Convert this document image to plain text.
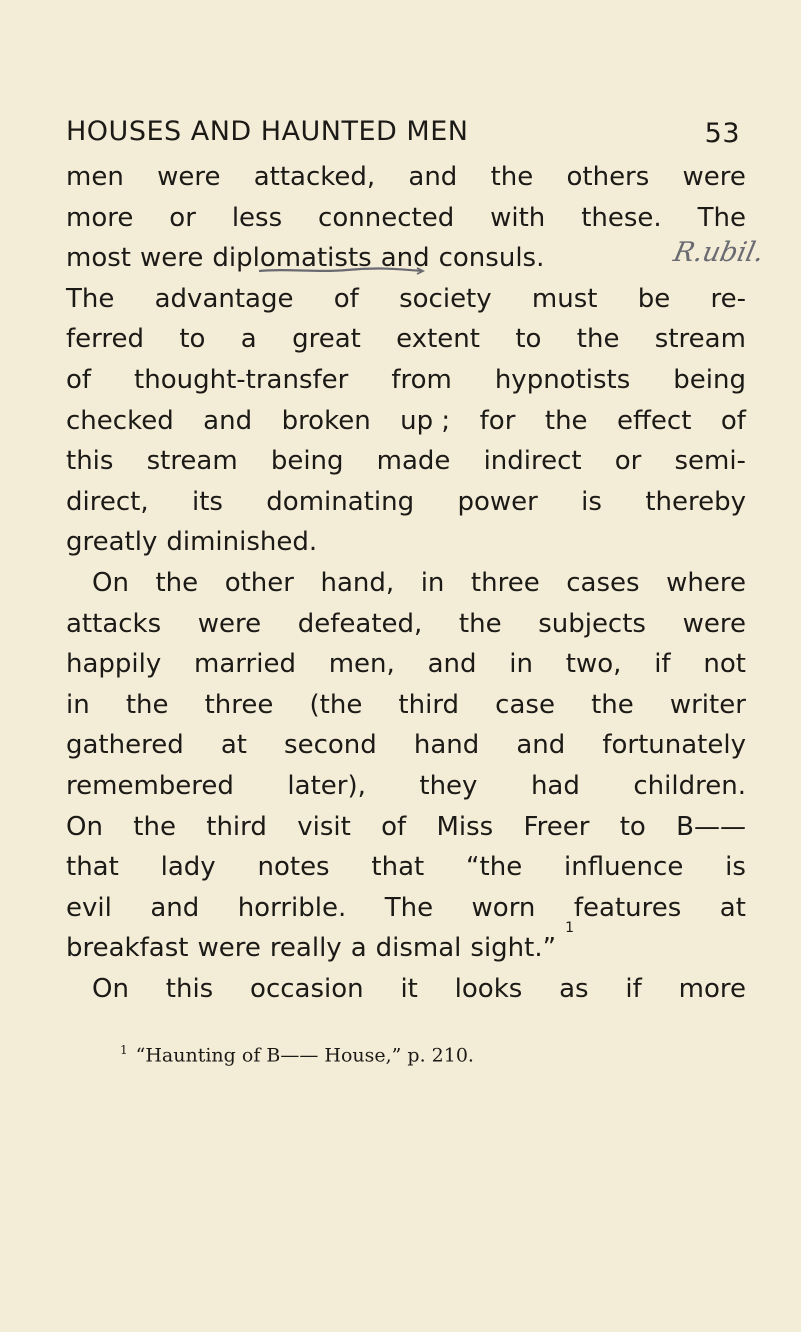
HOUSES AND HAUNTED MEN	53
R.ubil.
men were attacked, and the others were
more or less connected with these. The
most were diplomatists and consuls.
The advantage of society must be re-
ferred to a great extent to the stream
of thought-transfer from hypnotists being
checked and broken up ; for the effect of
this stream being made indirect or semi-
direct, its dominating power is thereby
greatly diminished.
On the other hand, in three cases where
attacks were defeated, the subjects were
happily married men, and in two, if not
in the three (the third case the writer
gathered at second hand and fortunately
remembered later), they had children.
On the third visit of Miss Freer to B——
that lady notes that “the influence is
evil and horrible. The worn features at
breakfast were really a dismal sight.”
1
On this occasion it looks as if more
$^1$ “Haunting of B—— House,” p. 210.
